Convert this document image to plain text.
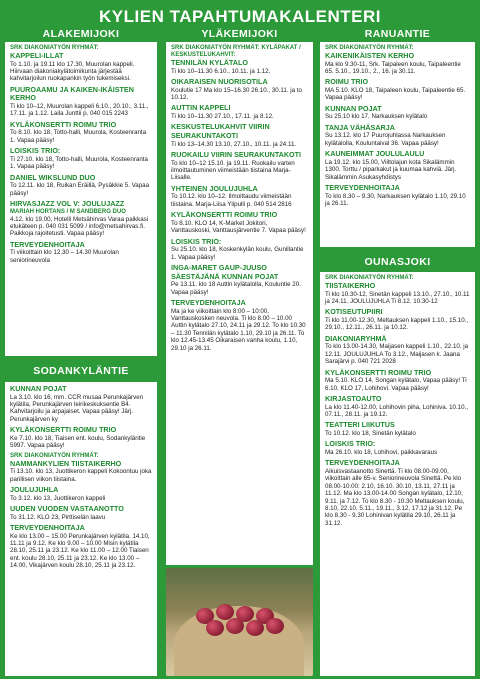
KYLIEN TAPAHTUMAKALENTERI
ALAKEMIJOKI	YLÄKEMIJOKI	RANUANTIE
SRK DIAKONIATYÖN RYHMÄT:
KAPPELI-ILLAT
To 1.10. ja 19.11 klo 17.30, Muurolan kappeli. Hiirvaan diakoniakylätoimikunta järjestää kahvitarjoilun ruokapankin työn tukemiseksi.
PUUROAAMU JA KAIKEN-IKÄISTEN KERHO
Ti klo 10–12, Muurolan kappeli 6.10., 20.10., 3.11., 17.11. ja 1.12. Laila Junttii p. 040 015 2243
KYLÄKONSERTTI ROIMU TRIO
To 8.10. klo 18, Totto-halli, Muurola, Kosteenranta 1. Vapaa pääsy!
LOISKIS TRIO:
Ti 27.10. klo 18, Totto-halli, Muurola, Kosteenranta 1. Vapaa pääsy!
DANIEL WIKSLUND DUO
To 12.11. klo 18, Ruikan Eräillä, Pysäkkie 5. Vapaa pääsy!
HIRVASJAZZ VOL V: JOULUJAZZ
MARIAH HORTANS / M SANDBERG DUO
4.12. klo 19.00, Hotelli Metsähirvas Varaa paikkasi etukäteen p. 040 031 5099 / info@metsahirvas.fi. Paikkoja rajoitetusti. Vapaa pääsy!
TERVEYDENHOITAJA
Ti viikoittain klo 12.30 – 14.30 Muurolan seniorineuvola
SODANKYLÄNTIE
KUNNAN POJAT
La 3.10. klo 16, mm. CCR musaa Perunkajärven kylätila, Perunkajärven leirikeskuksentie B4. Kahvitarjoilu ja arpajaiset. Vapaa pääsy! Järj. Perunkajärven ky
KYLÄKONSERTTI ROIMU TRIO
Ke 7.10. klo 18, Tiaisen ent. koulu, Sodankyläntie 5997. Vapaa pääsy!
SRK DIAKONIATYÖN RYHMÄT:
NAMMANKYLIEN TIISTAIKERHO
Ti 13.10. klo 13, Juottikeron kappeli Kokoontuu joka parillisen viikon tiistaina.
JOULUJUHLA
To 3.12. klo 13, Juottikeron kappeli
UUDEN VUODEN VASTAANOTTO
To 31.12. KLO 23, Pirttiselän laavu
TERVEYDENHOITAJA
Ke klo 13.00 – 15.00 Perunkajärven kylätila. 14.10, 11.11 ja 9.12. Ke klo 9.00 – 10.00 Misin kylätila 28.10, 25.11 ja 23.12. Ke klo 11.00 – 12.00 Tiaisen ent. koulu 28.10, 25.11 ja 23.12. Ke klo 13.00 – 14.00, Vikajärven koulu 28.10, 25.11 ja 23.12.
SRK DIAKONIATYÖN RYHMÄT: KYLÄPAKAT / KESKUSTELUKAHVIT:
TENNILÄN KYLÄTALO
Ti klo 10–11.30 6.10., 10.11. ja 1.12.
OIKARAISEN NUORISOTILA
Koulutie 17 Ma klo 15–16.30 26.10., 30.11. ja to 10.12.
AUTTIN KAPPELI
Ti klo 10–11.30 27.10., 17.11. ja 8.12.
KESKUSTELUKAHVIT VIIRIN SEURAKUNTAKOTI
Ti klo 13–14.30 13.10, 27.10., 10.11. ja 24.11.
RUOKAILU VIIRIN SEURAKUNTAKOTI
To klo 10–12 15.10. ja 19.11. Ruokailu varten ilmoittautuminen viimeistään tiistaina Marja-Liisalle.
YHTEINEN JOULUJUHLA
To 10.12. klo 10–12. Ilmoittaudu viimeistään tiistaina. Marja-Liisa Ylipulli p. 040 514 2816
KYLÄKONSERTTI ROIMU TRIO
To 8.10. KLO 14, K-Market Jokitori, Vanttauskoski, Vanttausjärventie 7. Vapaa pääsy!
LOISKIS TRIO:
Su 25.10. klo 18, Koskenkylän koulu, Gunillantie 1. Vapaa pääsy!
INGA-MARET GAUP-JUUSO SÄESTÄJÄNÄ KUNNAN POJAT
Pe 13.11. klo 18 Auttin kylätalolla, Kouluntie 20. Vapaa pääsy!
TERVEYDENHOITAJA
Ma ja ke viikoittain klo 8:00 – 10:00, Vanttauskosken neuvola. Ti klo 8.00 – 10.00 Auttin kylätalo 27.10, 24.11 ja 29.12. To klo 10.30 – 11.30 Tennilän kylätalo 1.10, 29.10 ja 26.11. To klo 12.45-13.45 Oikaraisen vanha koulu, 1.10, 29.10 ja 26.11.
SRK DIAKONIATYÖN RYHMÄT:
KAIKENIKÄISTEN KERHO
Ma klo 9.30-11, Srk. Taipaleen koulu, Taipaleentie 65. 5.10., 19.10., 2., 16. ja 30.11.
ROIMU TRIO
MA 5.10. KLO 18, Taipaleen koulu, Taipaleentie 65. Vapaa pääsy!
KUNNAN POJAT
Su 25.10 klo 17, Narkauksen kylätalo
TANJA VÄHÄSARJA
Su 13.12. klo 17 Puurojuhlassa Narkauksen kylätalolla, Kouluntaival 36. Vapaa pääsy!
KAUNEIMMAT JOULULAULU
La 19.12. klo 15.00, Viiltolajun kota Sikalämmin 1300. Torttu / piparkakut ja kuumaa kahviä. Järj. Sikalämmin Asukasyhdistys
TERVEYDENHOITAJA
To klo 8.30 – 9.30, Narkauksen kylätalo 1.10, 29.10 ja 26.11.
OUNASJOKI
SRK DIAKONIATYÖN RYHMÄT:
TIISTAIKERHO
Ti klo 10.30-12, Sinetän kappeli 13.10., 27.10., 10.11 ja 24.11. JOULUJUHLA Ti 8.12. 10.30-12
KOTISEUTUPIIRI
Ti klo 11.00-12.30, Meltauksen kappeli 1.10., 15.10., 29.10., 12.11., 26.11. ja 10.12.
DIAKONIARYHMÄ
To klo 13.00-14.30, Maijasen kappeli 1.10., 22.10. ja 12.11. JOULUJUHLA To 3.12., Maijasen k. Jaana Sarajärvi p. 040 721 2028
KYLÄKONSERTTI ROIMU TRIO
Ma 5.10. KLO 14, Songan kylätalo, Vapaa pääsy! Ti 6.10. KLO 17, Lohihovi. Vapaa pääsy!
KIRJASTOAUTO
La klo 11.40-12.00, Lohihovin piha, Lohiniva. 10.10., 07.11., 28.11. ja 19.12.
TEATTERI LIIKUTUS
To 10.12. klo 18, Sinetän kylätalo
LOISKIS TRIO:
Ma 26.10. klo 18, Lohihovi, paikkavaraus
TERVEYDENHOITAJA
Aikuisvastaanotto Sinettä. Ti klo 08.00-09.00, viikoittain alle 65-v. Seniorineuvola Sinettä. Pe klo 08.00-10.00: 2.10, 16.10. 30.10, 13.11, 27.11 ja 11.12. Ma klo 13.00-14.00 Songan kylätalo, 12.10, 9.11. ja 7.12. To klo 8.30 - 10.30 Meltauksen koulu, 8.10, 22.10. 5.11., 19.11., 3.12, 17.12 ja 31.12. Pe klo 8.30 - 9.30 Lohinivan kylätila 29.10, 26.11 ja 31.12.
